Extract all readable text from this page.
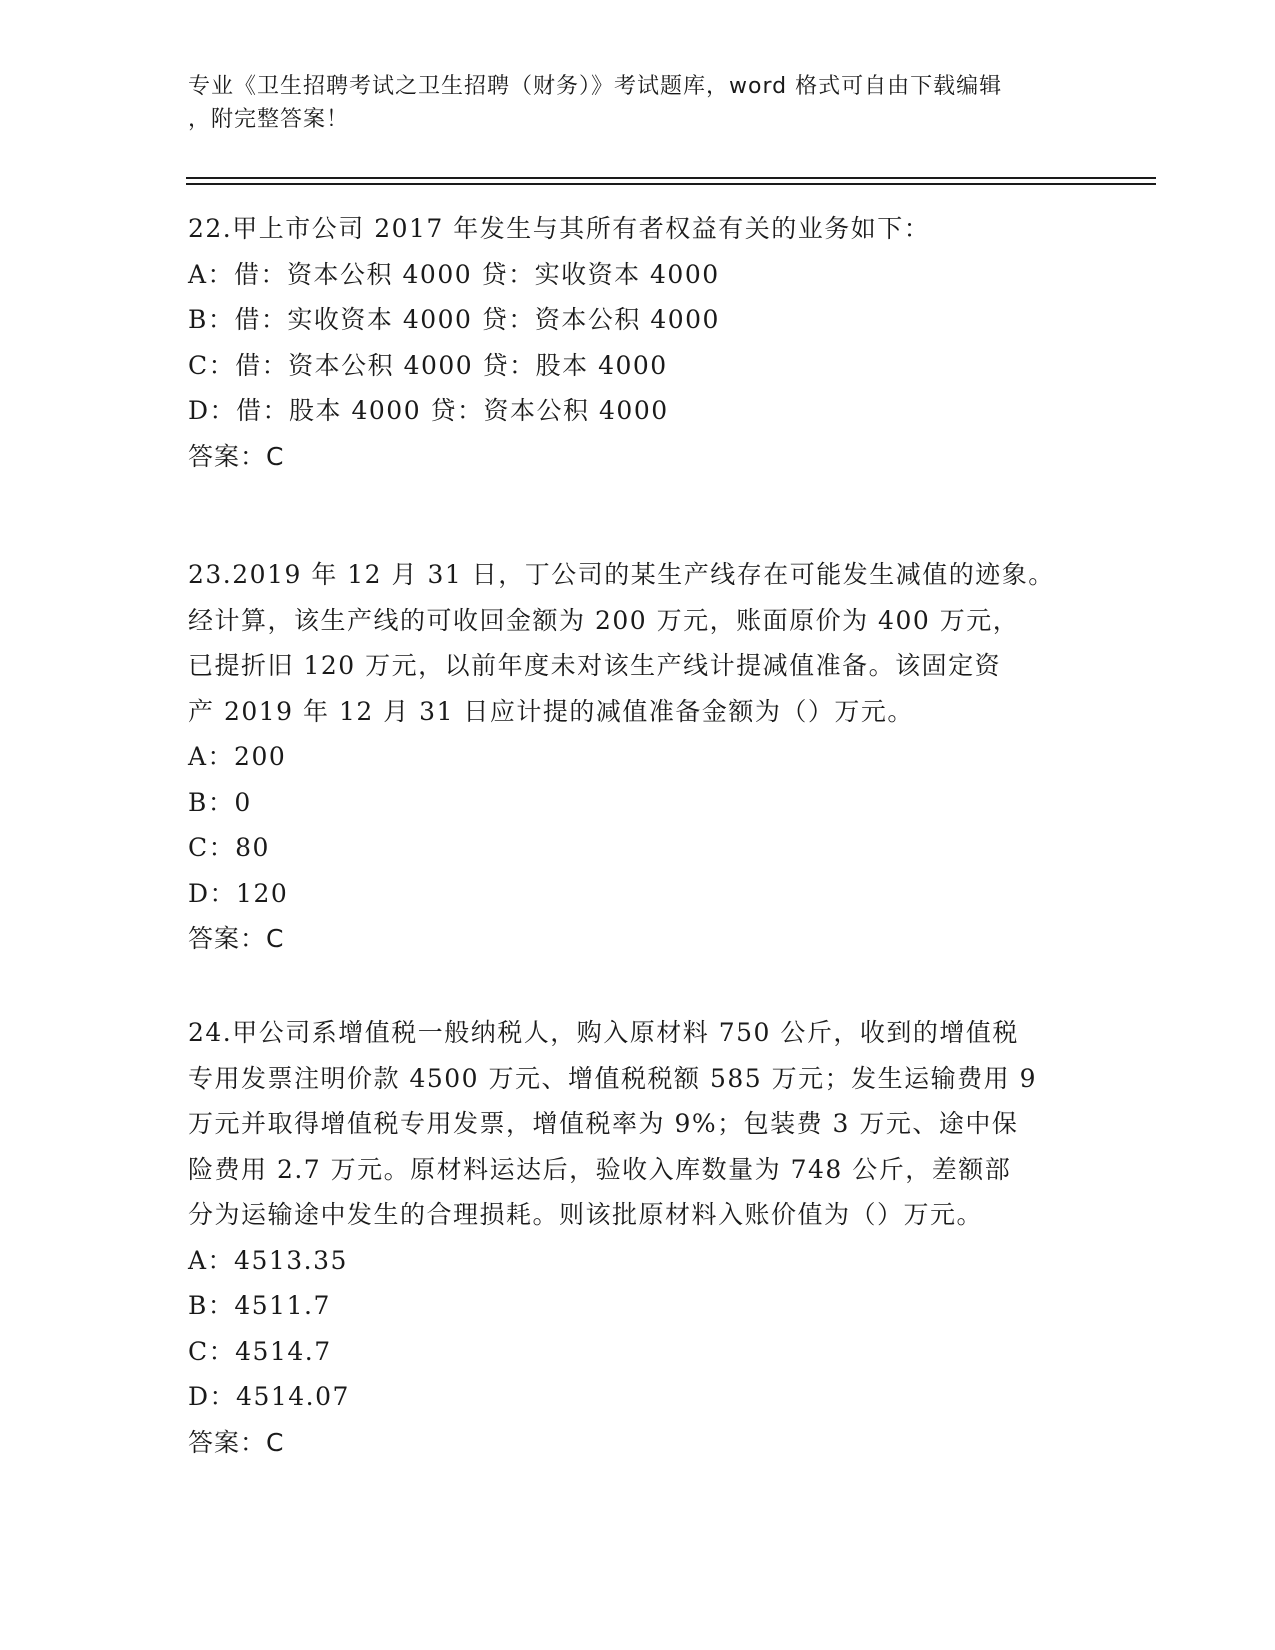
专业《卫生招聘考试之卫生招聘（财务）》考试题库，word 格式可自由下载编辑
，附完整答案！

22.甲上市公司 2017 年发生与其所有者权益有关的业务如下：

A：借：资本公积 4000 贷：实收资本 4000

B：借：实收资本 4000 贷：资本公积 4000

C：借：资本公积 4000 贷：股本 4000

D：借：股本 4000 贷：资本公积 4000

答案：C

23.2019 年 12 月 31 日，丁公司的某生产线存在可能发生减值的迹象。

经计算，该生产线的可收回金额为 200 万元，账面原价为 400 万元，

已提折旧 120 万元，以前年度未对该生产线计提减值准备。该固定资

产 2019 年 12 月 31 日应计提的减值准备金额为（）万元。

A：200

B：0

C：80

D：120

答案：C

24.甲公司系增值税一般纳税人，购入原材料 750 公斤，收到的增值税

专用发票注明价款 4500 万元、增值税税额 585 万元；发生运输费用 9

万元并取得增值税专用发票，增值税率为 9%；包装费 3 万元、途中保

险费用 2.7 万元。原材料运达后，验收入库数量为 748 公斤，差额部

分为运输途中发生的合理损耗。则该批原材料入账价值为（）万元。

A：4513.35

B：4511.7

C：4514.7

D：4514.07

答案：C
